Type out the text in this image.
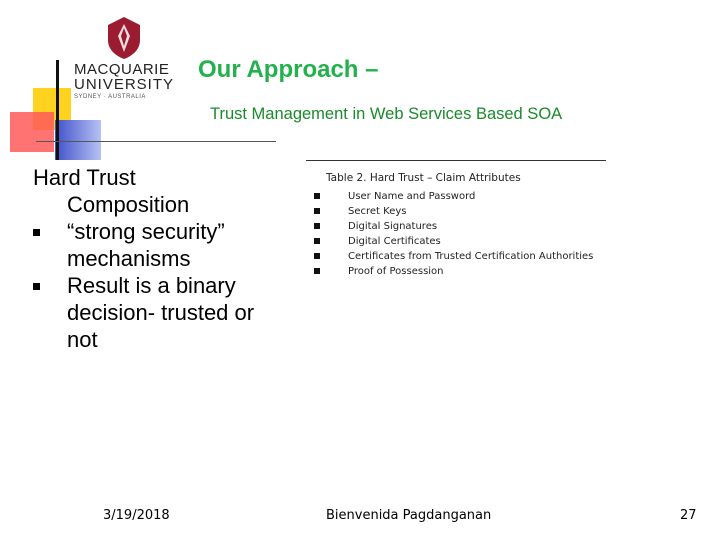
MACQUARIE
UNIVERSITY
SYDNEY · AUSTRALIA
Our Approach –
Trust Management in Web Services Based SOA
Hard Trust
Composition
“strong security” mechanisms
Result is a binary decision- trusted or not
Table 2. Hard Trust – Claim Attributes
User Name and Password
Secret Keys
Digital Signatures
Digital Certificates
Certificates from Trusted Certification Authorities
Proof of Possession
3/19/2018	Bienvenida Pagdanganan	27
